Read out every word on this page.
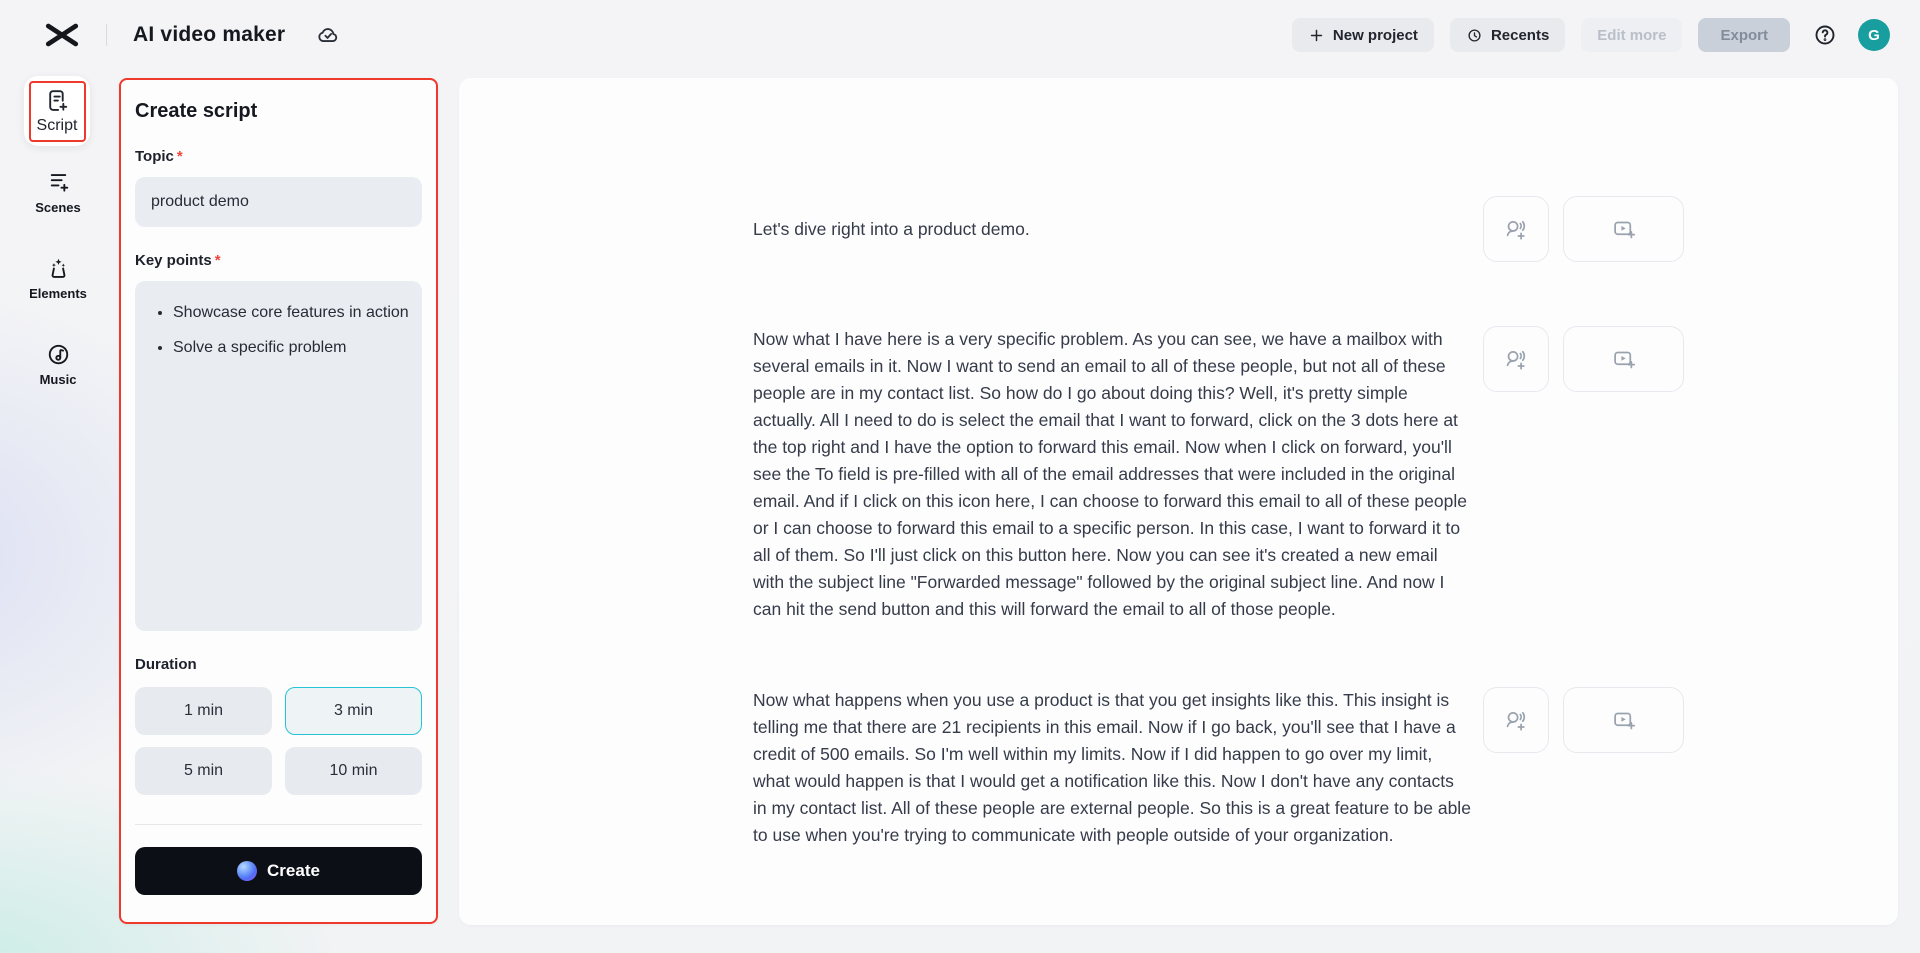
AI video maker	New project	Recents	Edit more	Export	G
Script
Scenes
Elements
Music
Create script
Topic *
product demo
Key points *
• Showcase core features in action
• Solve a specific problem
Duration
1 min	3 min
5 min	10 min
Create

Let's dive right into a product demo.

Now what I have here is a very specific problem. As you can see, we have a mailbox with several emails in it. Now I want to send an email to all of these people, but not all of these people are in my contact list. So how do I go about doing this? Well, it's pretty simple actually. All I need to do is select the email that I want to forward, click on the 3 dots here at the top right and I have the option to forward this email. Now when I click on forward, you'll see the To field is pre-filled with all of the email addresses that were included in the original email. And if I click on this icon here, I can choose to forward this email to all of these people or I can choose to forward this email to a specific person. In this case, I want to forward it to all of them. So I'll just click on this button here. Now you can see it's created a new email with the subject line "Forwarded message" followed by the original subject line. And now I can hit the send button and this will forward the email to all of those people.

Now what happens when you use a product is that you get insights like this. This insight is telling me that there are 21 recipients in this email. Now if I go back, you'll see that I have a credit of 500 emails. So I'm well within my limits. Now if I did happen to go over my limit, what would happen is that I would get a notification like this. Now I don't have any contacts in my contact list. All of these people are external people. So this is a great feature to be able to use when you're trying to communicate with people outside of your organization.
